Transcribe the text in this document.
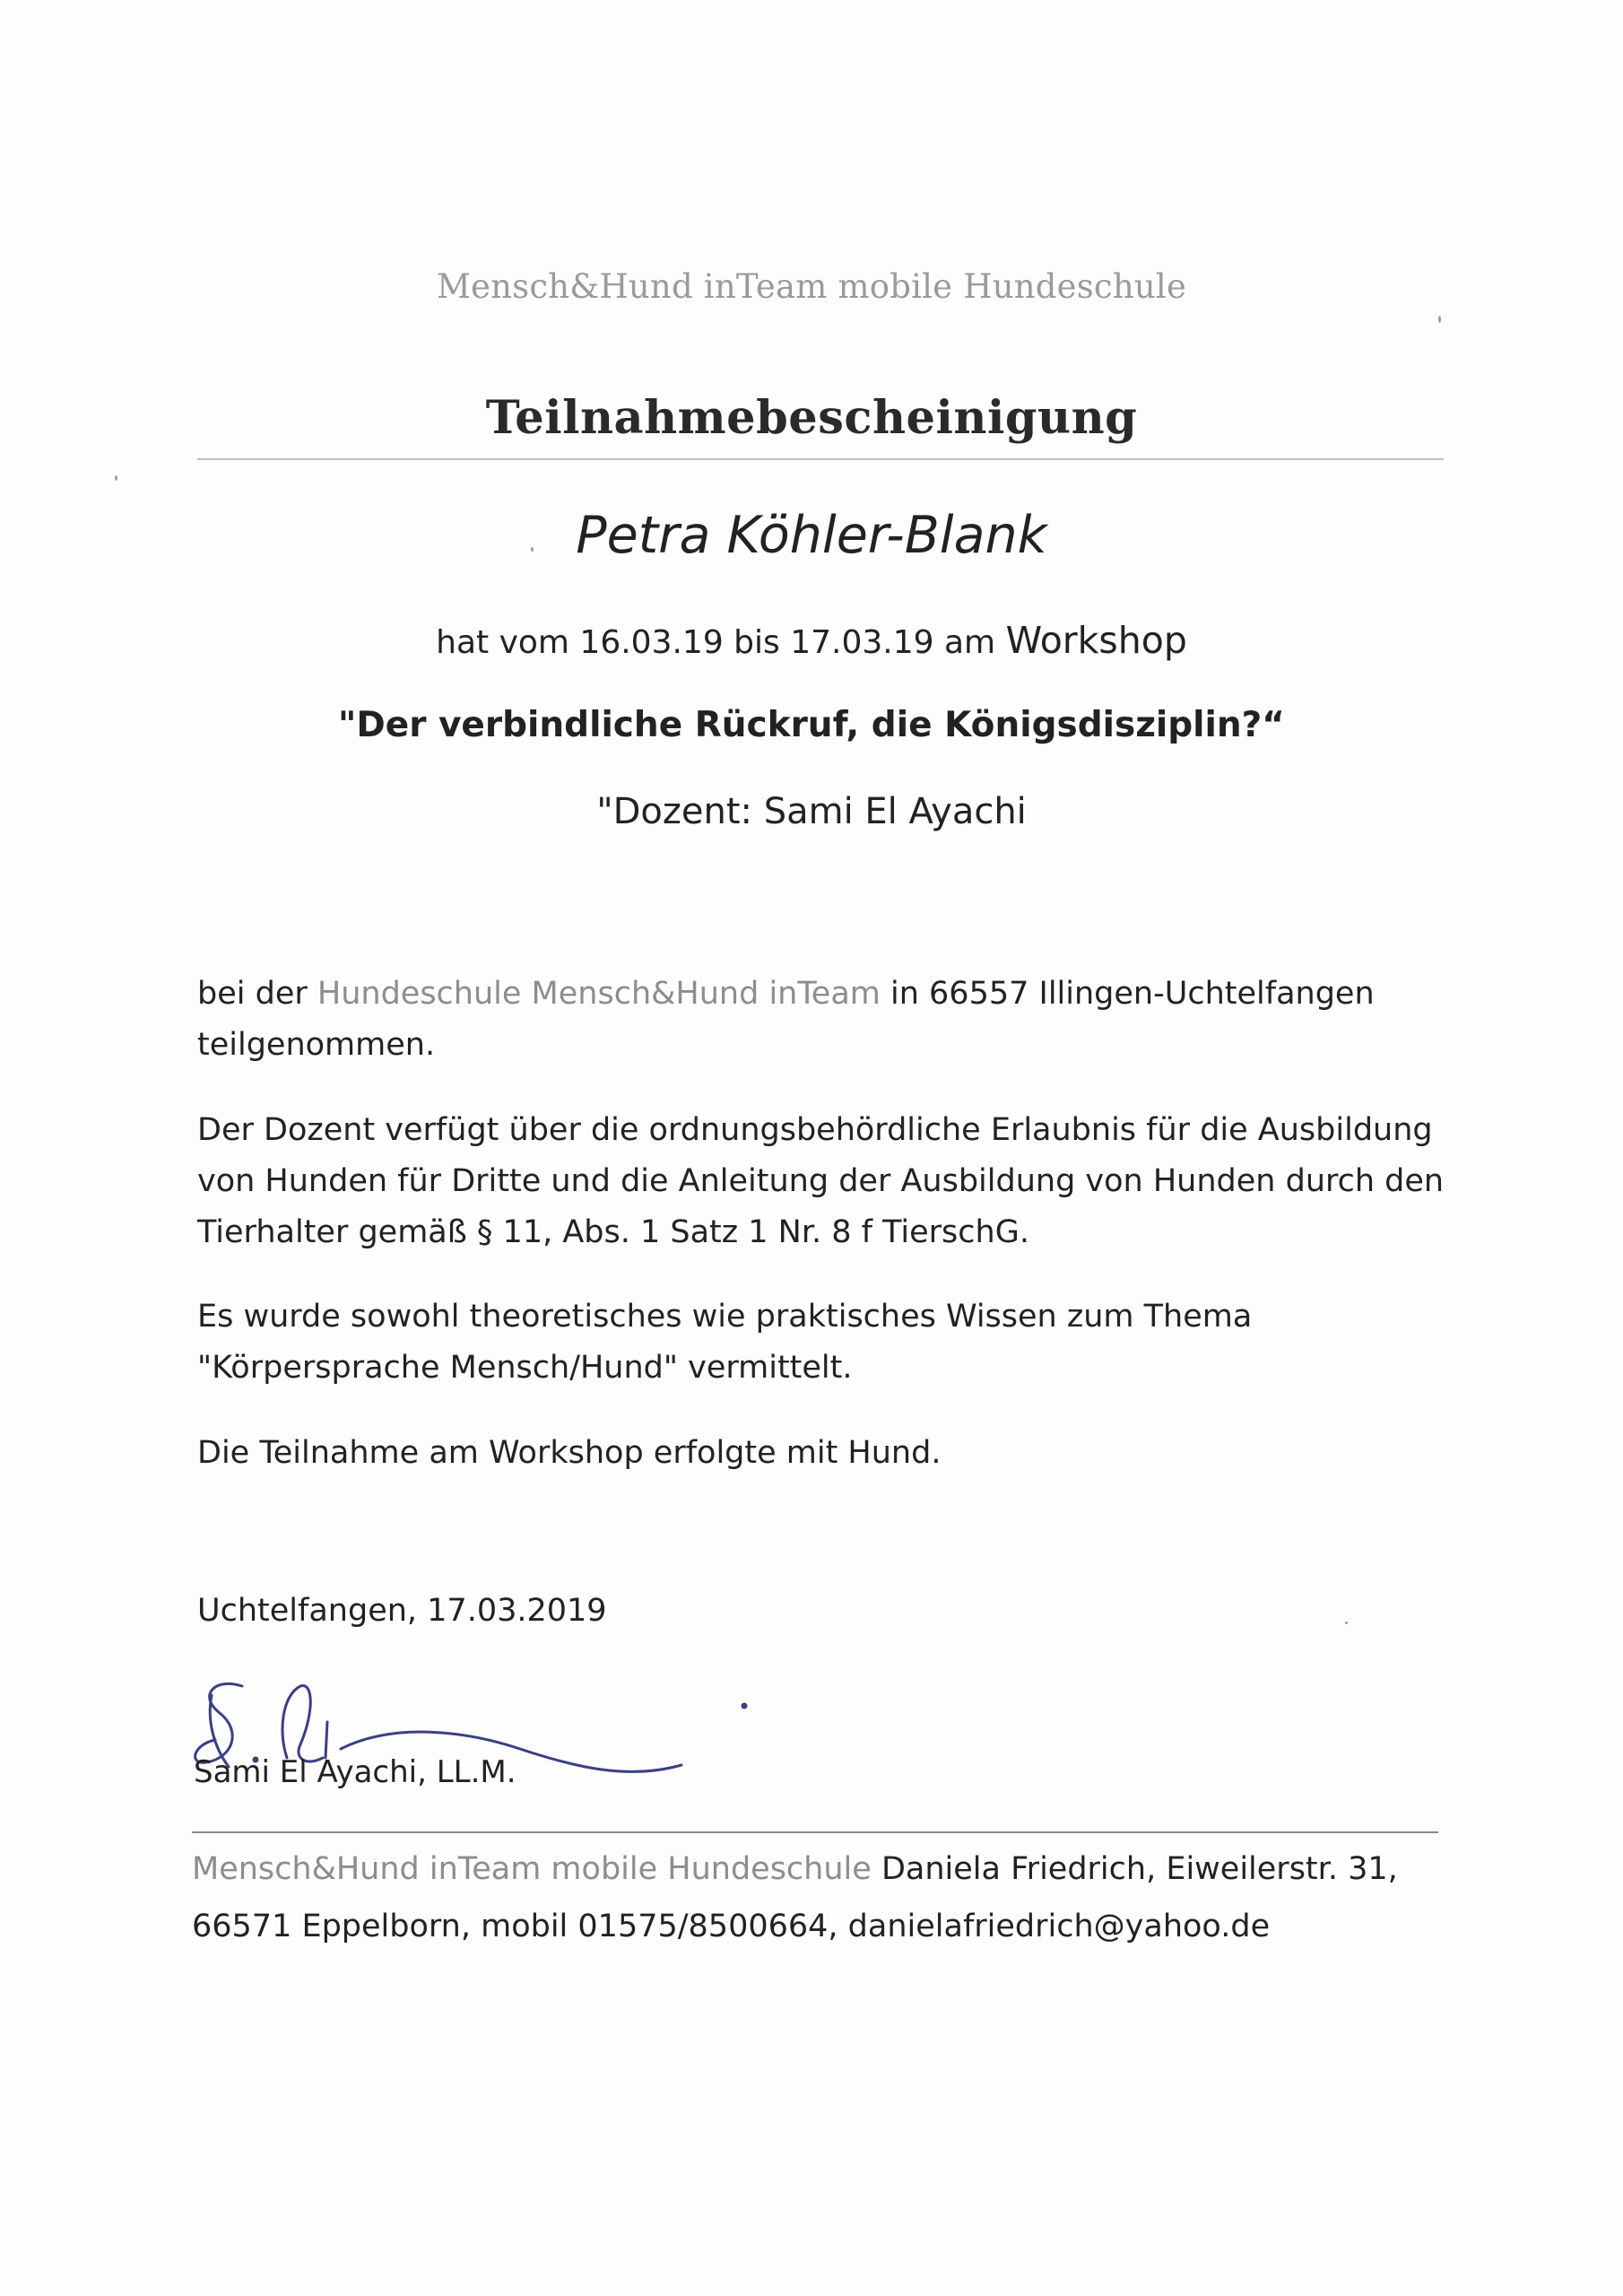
Mensch&Hund inTeam mobile Hundeschule
Teilnahmebescheinigung
Petra Köhler-Blank
hat vom 16.03.19 bis 17.03.19 am Workshop
"Der verbindliche Rückruf, die Königsdisziplin?“
"Dozent: Sami El Ayachi

bei der Hundeschule Mensch&Hund inTeam in 66557 Illingen-Uchtelfangen teilgenommen.

Der Dozent verfügt über die ordnungsbehördliche Erlaubnis für die Ausbildung von Hunden für Dritte und die Anleitung der Ausbildung von Hunden durch den Tierhalter gemäß § 11, Abs. 1 Satz 1 Nr. 8 f TierschG.

Es wurde sowohl theoretisches wie praktisches Wissen zum Thema "Körpersprache Mensch/Hund" vermittelt.

Die Teilnahme am Workshop erfolgte mit Hund.

Uchtelfangen, 17.03.2019
Sami El Ayachi, LL.M.
Mensch&Hund inTeam mobile Hundeschule Daniela Friedrich, Eiweilerstr. 31, 66571 Eppelborn, mobil 01575/8500664, danielafriedrich@yahoo.de
